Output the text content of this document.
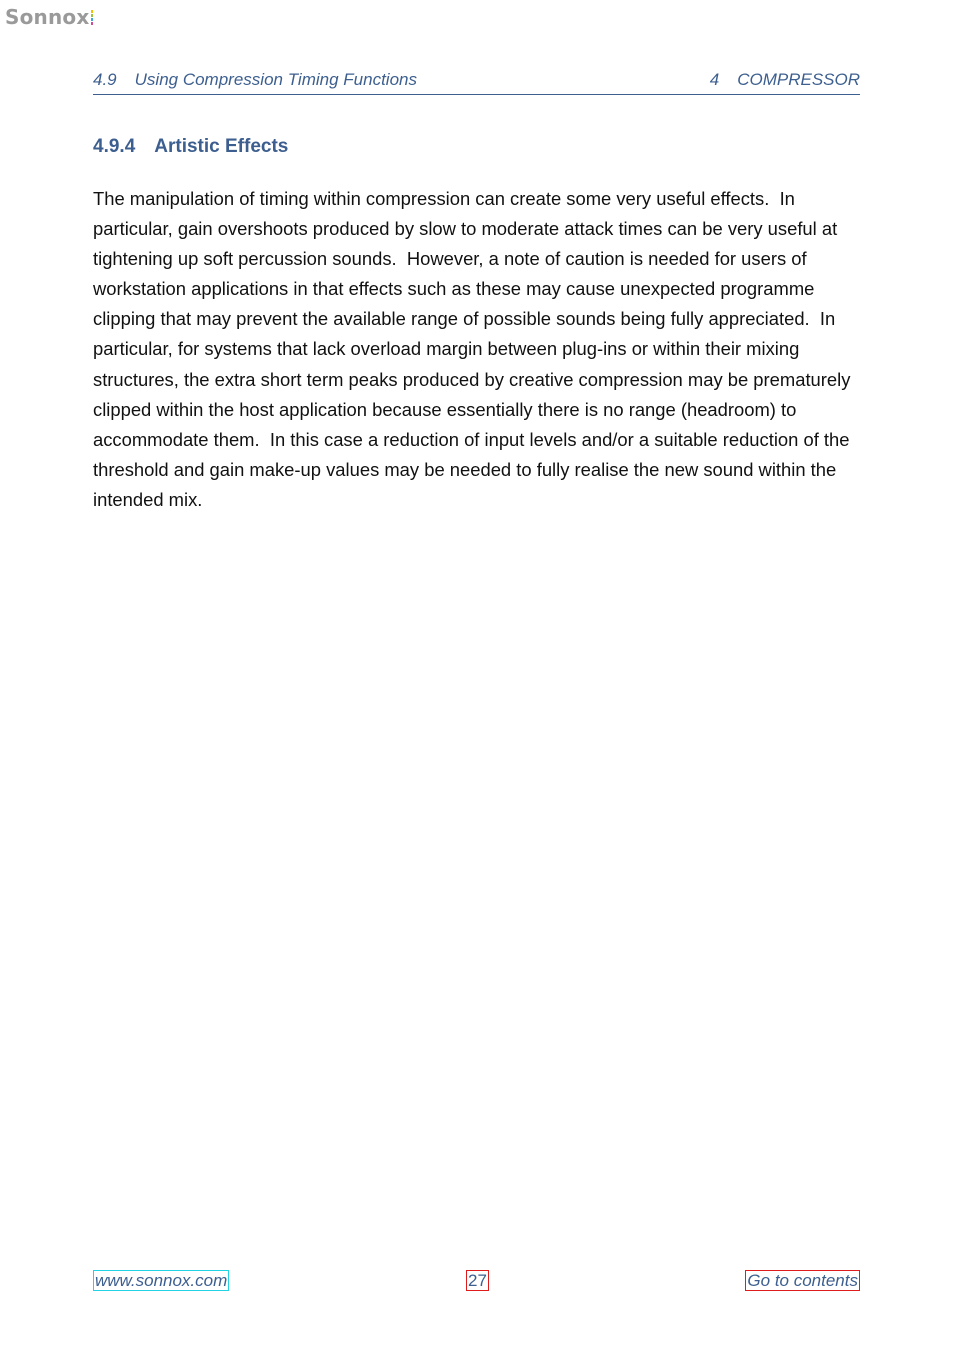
Sonnox
4.9 Using Compression Timing Functions	4 COMPRESSOR
4.9.4 Artistic Effects

The manipulation of timing within compression can create some very useful effects.  In particular, gain overshoots produced by slow to moderate attack times can be very useful at tightening up soft percussion sounds.  However, a note of caution is needed for users of workstation applications in that effects such as these may cause unexpected programme clipping that may prevent the available range of possible sounds being fully appreciated.  In particular, for systems that lack overload margin between plug-ins or within their mixing structures, the extra short term peaks produced by creative compression may be prematurely clipped within the host application because essentially there is no range (headroom) to accommodate them.  In this case a reduction of input levels and/or a suitable reduction of the threshold and gain make-up values may be needed to fully realise the new sound within the intended mix.

www.sonnox.com	27	Go to contents
